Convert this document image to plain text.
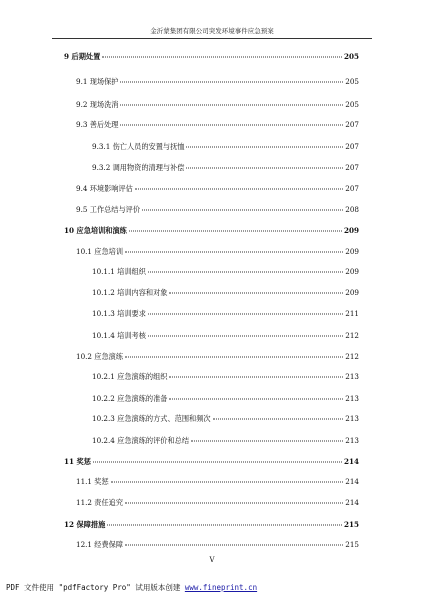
金沂蒙集团有限公司突发环境事件应急预案
9 后期处置	205
9.1 现场保护	205
9.2 现场洗消	205
9.3 善后处理	207
9.3.1 伤亡人员的安置与抚恤	207
9.3.2 调用物资的清理与补偿	207
9.4 环境影响评估	207
9.5 工作总结与评价	208
10 应急培训和演练	209
10.1 应急培训	209
10.1.1 培训组织	209
10.1.2 培训内容和对象	209
10.1.3 培训要求	211
10.1.4 培训考核	212
10.2 应急演练	212
10.2.1 应急演练的组织	213
10.2.2 应急演练的准备	213
10.2.3 应急演练的方式、范围和频次	213
10.2.4 应急演练的评价和总结	213
11 奖惩	214
11.1 奖惩	214
11.2 责任追究	214
12 保障措施	215
12.1 经费保障	215
V
PDF 文件使用 "pdfFactory Pro" 试用版本创建 www.fineprint.cn
